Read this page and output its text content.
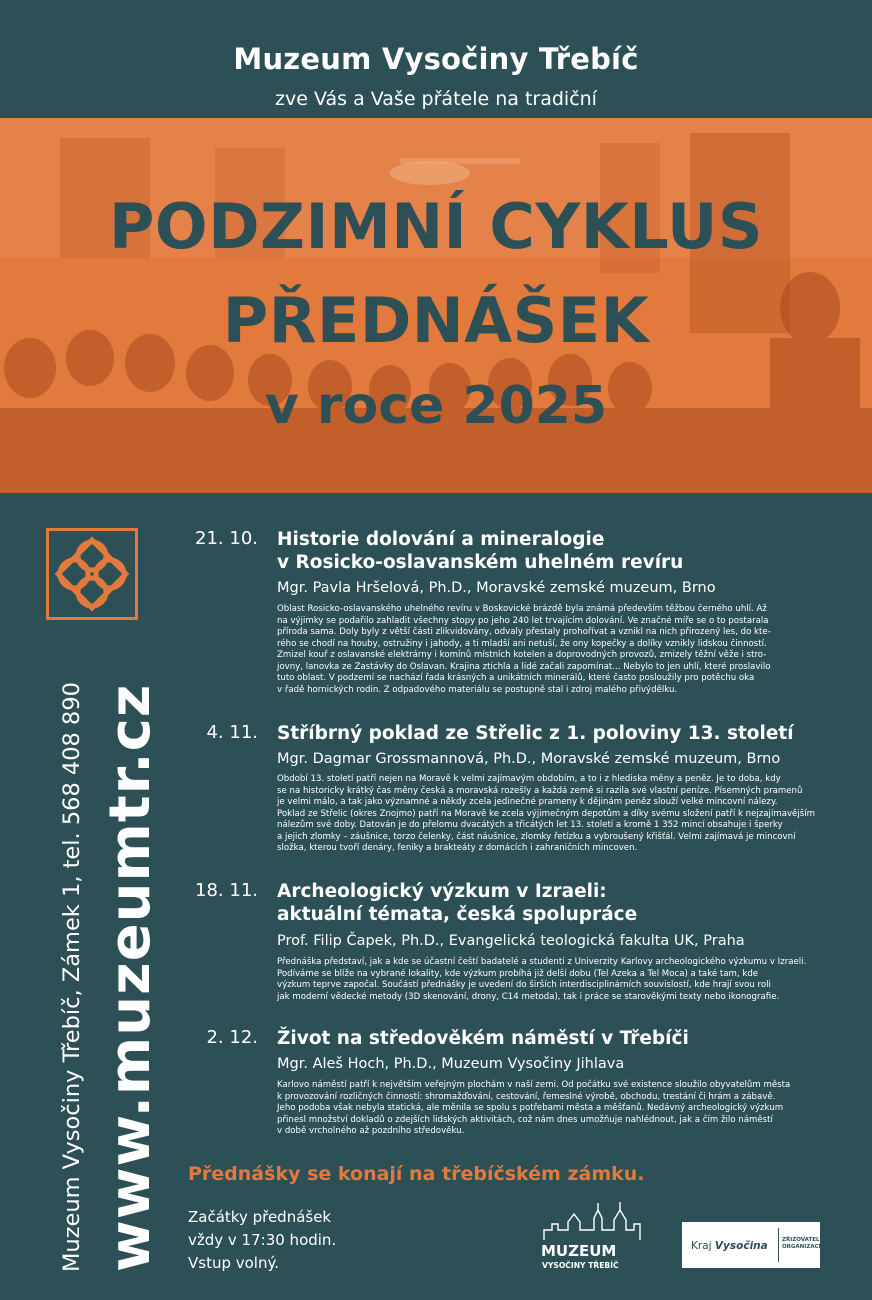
Muzeum Vysočiny Třebíč
zve Vás a Vaše přátele na tradiční
PODZIMNÍ CYKLUS
PŘEDNÁŠEK
v roce 2025
Muzeum Vysočiny Třebíč, Zámek 1, tel. 568 408 890 www.muzeumtr.cz
21. 10. Historie dolování a mineralogie
v Rosicko-oslavanském uhelném revíru
Mgr. Pavla Hršelová, Ph.D., Moravské zemské muzeum, Brno
Oblast Rosicko-oslavanského uhelného revíru v Boskovické brázdě byla známá především těžbou černého uhlí. Až
na výjimky se podařilo zahladit všechny stopy po jeho 240 let trvajícím dolování. Ve značné míře se o to postarala
příroda sama. Doly byly z větší části zlikvidovány, odvaly přestaly prohořívat a vznikl na nich přirozený les, do kte-
rého se chodí na houby, ostružiny i jahody, a ti mladší ani netuší, že ony kopečky a dolíky vznikly lidskou činností.
Zmizel kouř z oslavanské elektrárny i komínů místních kotelen a doprovodných provozů, zmizely těžní věže i stro-
jovny, lanovka ze Zastávky do Oslavan. Krajina ztichla a lidé začali zapomínat... Nebylo to jen uhlí, které proslavilo
tuto oblast. V podzemí se nachází řada krásných a unikátních minerálů, které často posloužily pro potěchu oka
v řadě hornických rodin. Z odpadového materiálu se postupně stal i zdroj malého přivýdělku.
4. 11. Stříbrný poklad ze Střelic z 1. poloviny 13. století
Mgr. Dagmar Grossmannová, Ph.D., Moravské zemské muzeum, Brno
Období 13. století patří nejen na Moravě k velmi zajímavým obdobím, a to i z hlediska měny a peněz. Je to doba, kdy
se na historicky krátký čas měny česká a moravská rozešly a každá země si razila své vlastní peníze. Písemných pramenů
je velmi málo, a tak jako významné a někdy zcela jedinečné prameny k dějinám peněz slouží velké mincovní nálezy.
Poklad ze Střelic (okres Znojmo) patří na Moravě ke zcela výjimečným depotům a díky svému složení patří k nejzajímavějším
nálezům své doby. Datován je do přelomu dvacátých a třicátých let 13. století a kromě 1 352 mincí obsahuje i šperky
a jejich zlomky – záušnice, torzo čelenky, část náušnice, zlomky řetízku a vybroušený křišťál. Velmi zajímavá je mincovní
složka, kterou tvoří denáry, feniky a brakteáty z domácích i zahraničních mincoven.
18. 11. Archeologický výzkum v Izraeli:
aktuální témata, česká spolupráce
Prof. Filip Čapek, Ph.D., Evangelická teologická fakulta UK, Praha
Přednáška představí, jak a kde se účastní čeští badatelé a studenti z Univerzity Karlovy archeologického výzkumu v Izraeli.
Podíváme se blíže na vybrané lokality, kde výzkum probíhá již delší dobu (Tel Azeka a Tel Moca) a také tam, kde
výzkum teprve započal. Součástí přednášky je uvedení do širších interdisciplinárních souvislostí, kde hrají svou roli
jak moderní vědecké metody (3D skenování, drony, C14 metoda), tak i práce se starověkými texty nebo ikonografie.
2. 12. Život na středověkém náměstí v Třebíči
Mgr. Aleš Hoch, Ph.D., Muzeum Vysočiny Jihlava
Karlovo náměstí patří k největším veřejným plochám v naší zemi. Od počátku své existence sloužilo obyvatelům města
k provozování rozličných činností: shromažďování, cestování, řemeslné výrobě, obchodu, trestání či hrám a zábavě.
Jeho podoba však nebyla statická, ale měnila se spolu s potřebami města a měšťanů. Nedávný archeologický výzkum
přinesl množství dokladů o zdejších lidských aktivitách, což nám dnes umožňuje nahlédnout, jak a čím žilo náměstí
v době vrcholného až pozdního středověku.
Přednášky se konají na třebíčském zámku.
Začátky přednášek
vždy v 17:30 hodin.
Vstup volný.
MUZEUM
VYSOČINY TŘEBÍČ
Kraj Vysočina	ZŘIZOVATEL
ORGANIZACE
